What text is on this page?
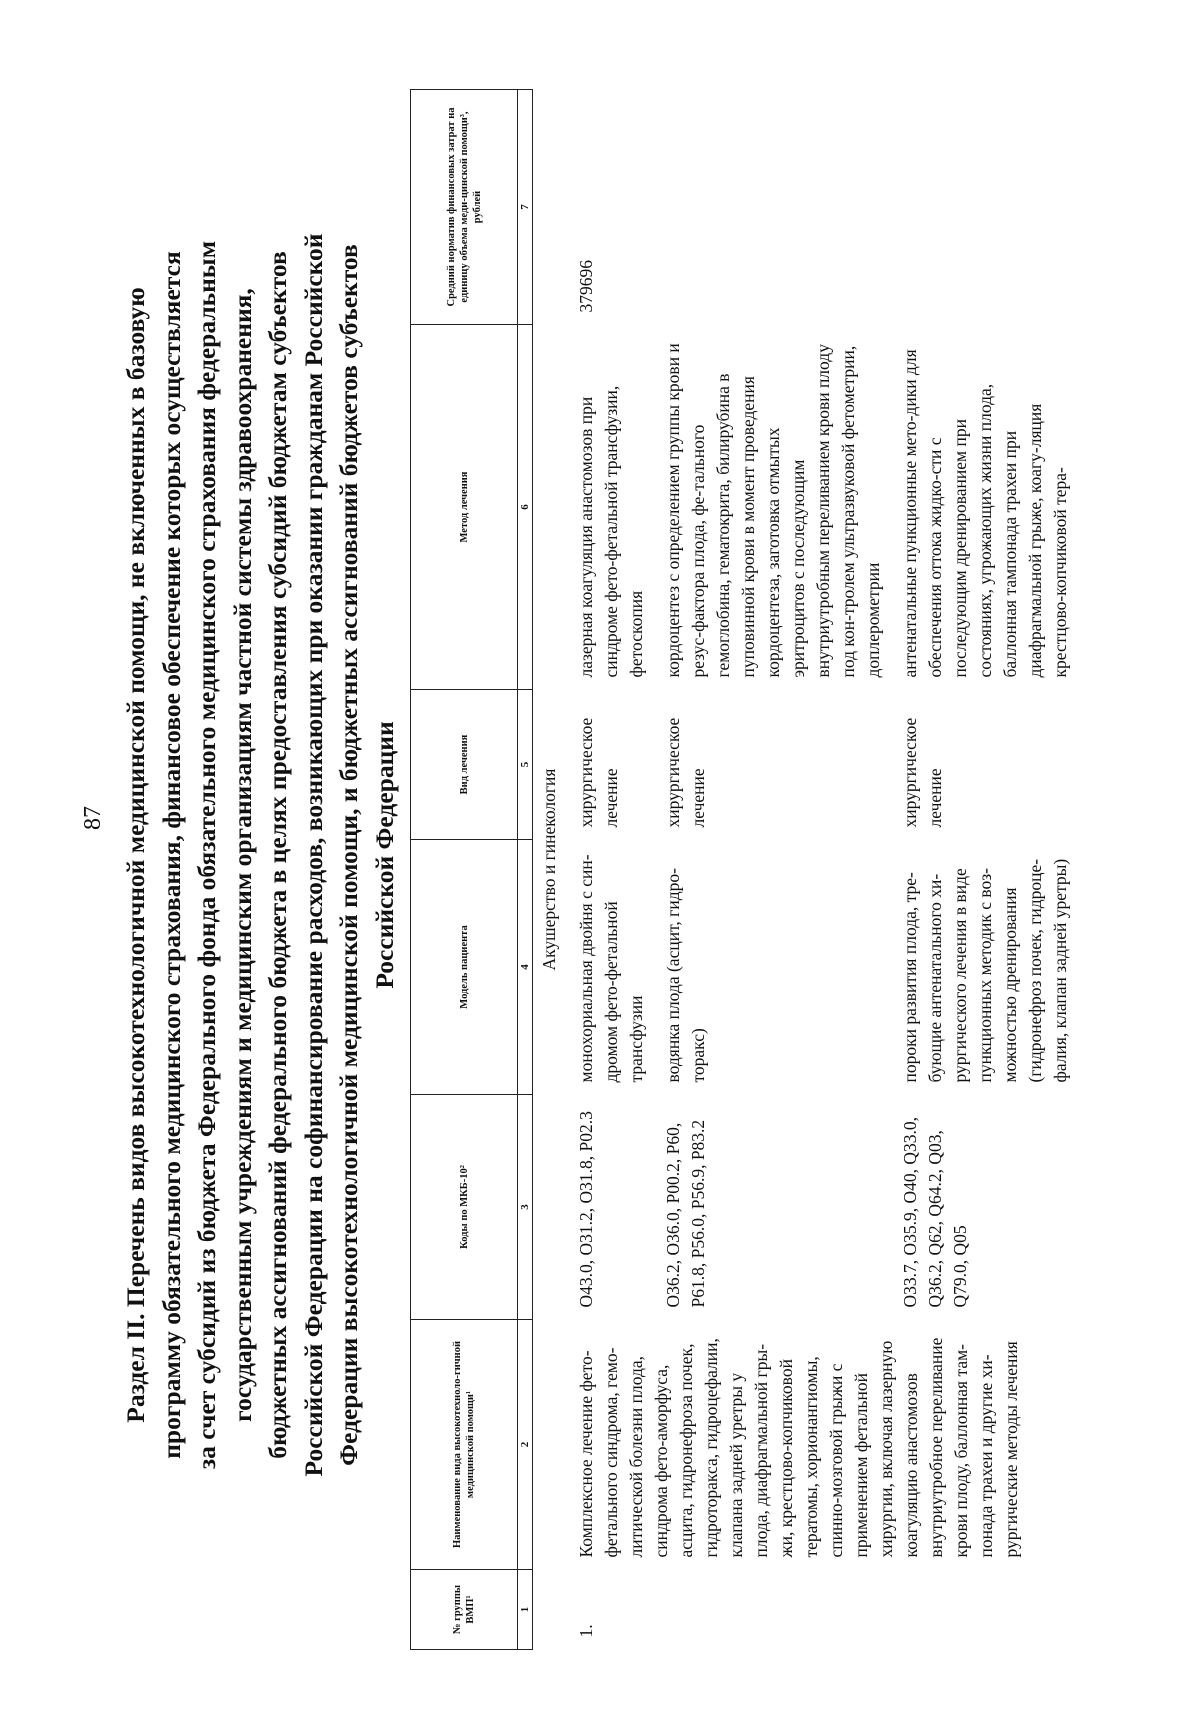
87 Раздел II. Перечень видов высокотехнологичной медицинской помощи, не включенных в базовую программу обязательного медицинского страхования, финансовое обеспечение которых осуществляется за счет субсидий из бюджета Федерального фонда обязательного медицинского страхования федеральным государственным учреждениям и медицинским организациям частной системы здравоохранения, бюджетных ассигнований федерального бюджета в целях предоставления субсидий бюджетам субъектов Российской Федерации на софинансирование расходов, возникающих при оказании гражданам Российской Федерации высокотехнологичной медицинской помощи, и бюджетных ассигнований бюджетов субъектов Российской Федерации
№ группы ВМП¹	Наименование вида высокотехноло-гичной медицинской помощи¹	Коды по МКБ-10²	Модель пациента	Вид лечения	Метод лечения	Средний норматив финансовых затрат на единицу объема меди-цинской помощи³, рублей
1	2	3	4	5	6	7
Акушерство и гинекология						
1.	Комплексное лечение фето-фетального синдрома, гемо-литической болезни плода, синдрома фето-аморфуса, асцита, гидронефроза почек, гидроторакса, гидроцефалии, клапана задней уретры у плода, диафрагмальной гры-жи, крестцово-копчиковой тератомы, хорионангиомы, спинно-мозговой грыжи с применением фетальной хирургии, включая лазерную коагуляцию анастомозов внутриутробное переливание крови плоду, баллонная там-понада трахеи и другие хи-рургические методы лечения	O43.0, O31.2, O31.8, P02.3	монохориальная двойня с син-дромом фето-фетальной трансфузии	хирургическое лечение	лазерная коагуляция анастомозов при синдроме фето-фетальной трансфузии, фетоскопия	379696
		O36.2, O36.0, P00.2, P60, P61.8, P56.0, P56.9, P83.2	водянка плода (асцит, гидро-торакс)	хирургическое лечение	кордоцентез с определением группы крови и резус-фактора плода, фе-тального гемоглобина, гематокрита, билирубина в пуповинной крови в момент проведения кордоцентеза, заготовка отмытых эритроцитов с последующим внутриутробным переливанием крови плоду под кон-тролем ультразвуковой фетометрии, доплерометрии	
		O33.7, O35.9, O40, Q33.0, Q36.2, Q62, Q64.2, Q03, Q79.0, Q05	пороки развития плода, тре-бующие антенатального хи-рургического лечения в виде пункционных методик с воз-можностью дренирования (гидронефроз почек, гидроце-фалия, клапан задней уретры)	хирургическое лечение	антенатальные пункционные мето-дики для обеспечения оттока жидко-сти с последующим дренированием при состояниях, угрожающих жизни плода, баллонная тампонада трахеи при диафрагмальной грыже, коагу-ляция крестцово-копчиковой тера-	
